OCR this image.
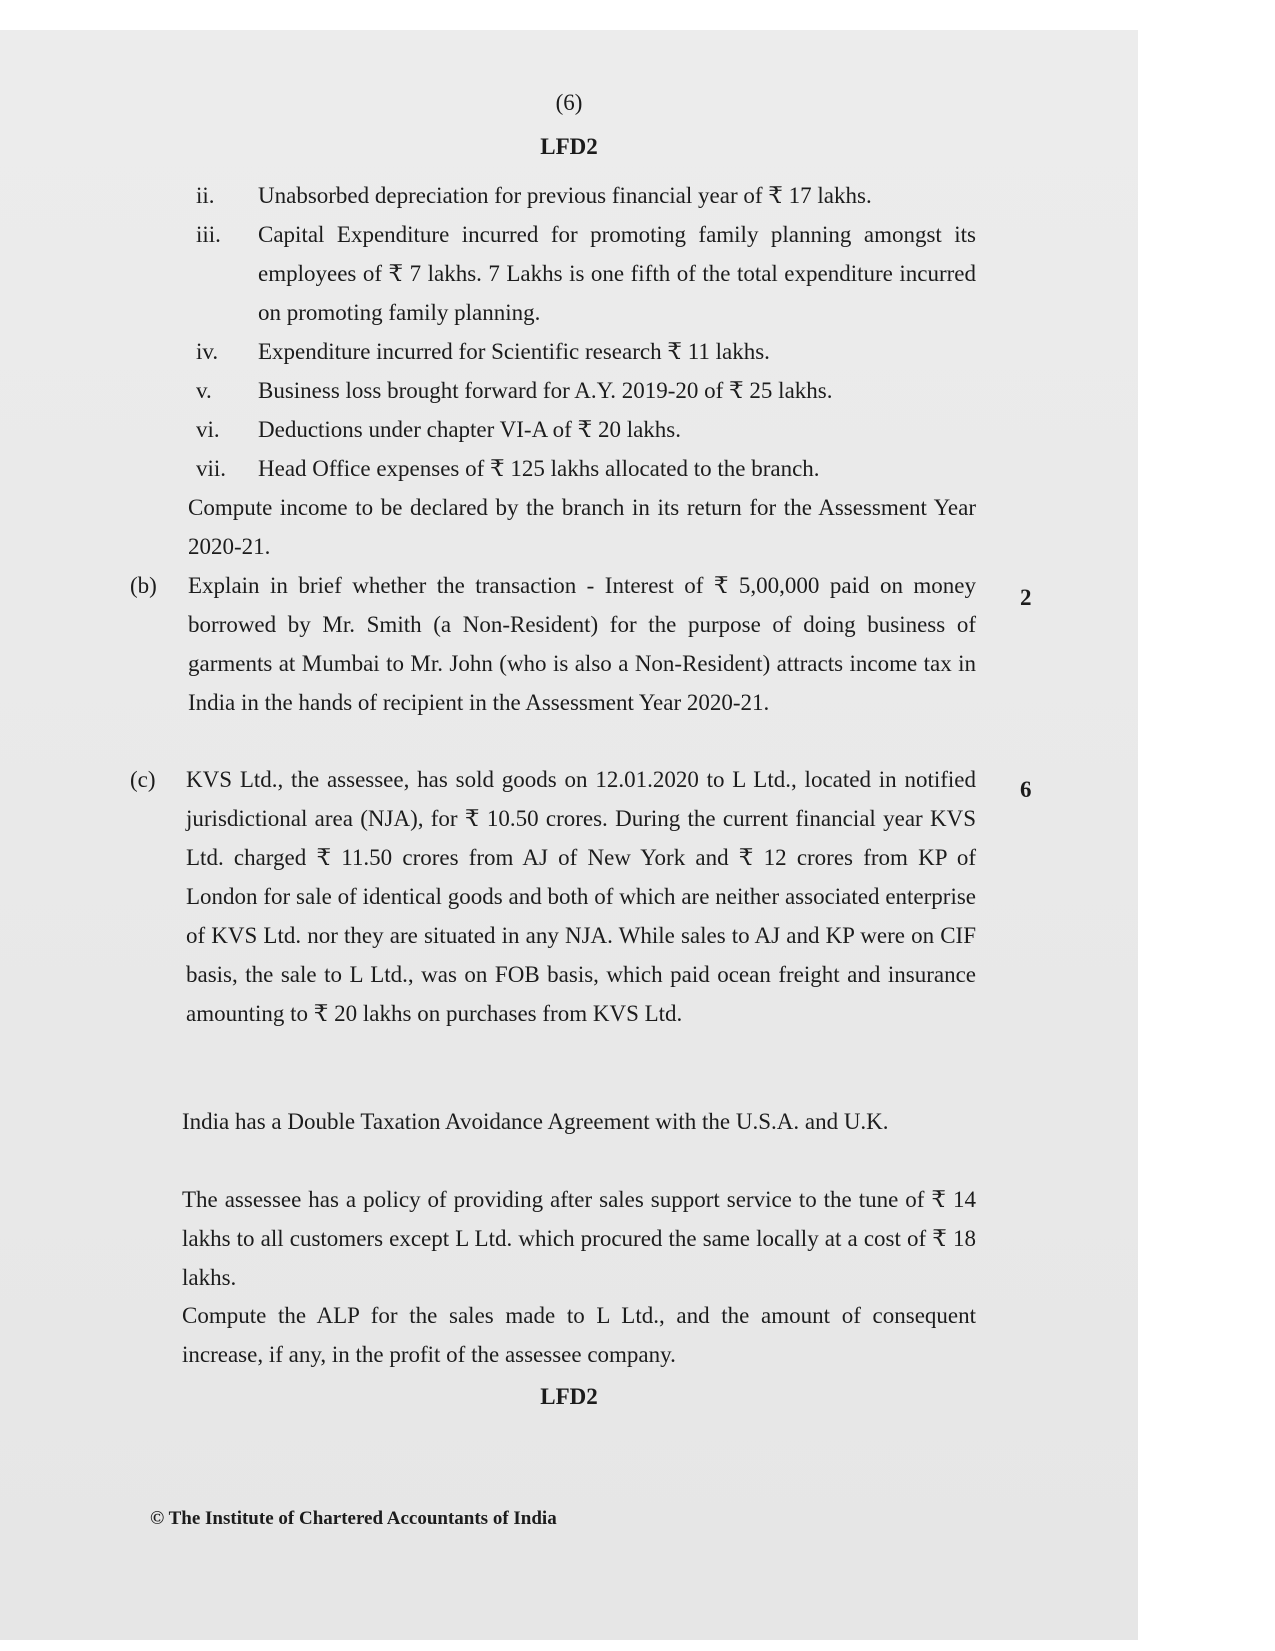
(6)
LFD2
ii. Unabsorbed depreciation for previous financial year of ₹ 17 lakhs.
iii. Capital Expenditure incurred for promoting family planning amongst its employees of ₹ 7 lakhs. 7 Lakhs is one fifth of the total expenditure incurred on promoting family planning.
iv. Expenditure incurred for Scientific research ₹ 11 lakhs.
v. Business loss brought forward for A.Y. 2019-20 of ₹ 25 lakhs.
vi. Deductions under chapter VI-A of ₹ 20 lakhs.
vii. Head Office expenses of ₹ 125 lakhs allocated to the branch.
Compute income to be declared by the branch in its return for the Assessment Year 2020-21.
(b) Explain in brief whether the transaction - Interest of ₹ 5,00,000 paid on money borrowed by Mr. Smith (a Non-Resident) for the purpose of doing business of garments at Mumbai to Mr. John (who is also a Non-Resident) attracts income tax in India in the hands of recipient in the Assessment Year 2020-21.
2
(c) KVS Ltd., the assessee, has sold goods on 12.01.2020 to L Ltd., located in notified jurisdictional area (NJA), for ₹ 10.50 crores. During the current financial year KVS Ltd. charged ₹ 11.50 crores from AJ of New York and ₹ 12 crores from KP of London for sale of identical goods and both of which are neither associated enterprise of KVS Ltd. nor they are situated in any NJA. While sales to AJ and KP were on CIF basis, the sale to L Ltd., was on FOB basis, which paid ocean freight and insurance amounting to ₹ 20 lakhs on purchases from KVS Ltd.
6
India has a Double Taxation Avoidance Agreement with the U.S.A. and U.K.
The assessee has a policy of providing after sales support service to the tune of ₹ 14 lakhs to all customers except L Ltd. which procured the same locally at a cost of ₹ 18 lakhs.
Compute the ALP for the sales made to L Ltd., and the amount of consequent increase, if any, in the profit of the assessee company.
LFD2
© The Institute of Chartered Accountants of India
